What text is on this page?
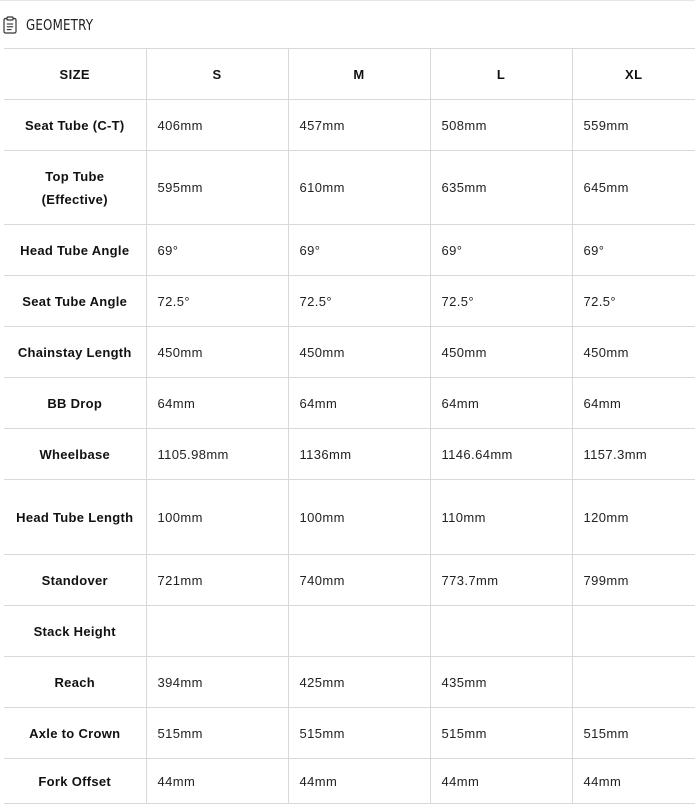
GEOMETRY
SIZE	S	M	L	XL
Seat Tube (C-T)	406mm	457mm	508mm	559mm
Top Tube (Effective)	595mm	610mm	635mm	645mm
Head Tube Angle	69°	69°	69°	69°
Seat Tube Angle	72.5°	72.5°	72.5°	72.5°
Chainstay Length	450mm	450mm	450mm	450mm
BB Drop	64mm	64mm	64mm	64mm
Wheelbase	1105.98mm	1136mm	1146.64mm	1157.3mm
Head Tube Length	100mm	100mm	110mm	120mm
Standover	721mm	740mm	773.7mm	799mm
Stack Height				
Reach	394mm	425mm	435mm	
Axle to Crown	515mm	515mm	515mm	515mm
Fork Offset	44mm	44mm	44mm	44mm
